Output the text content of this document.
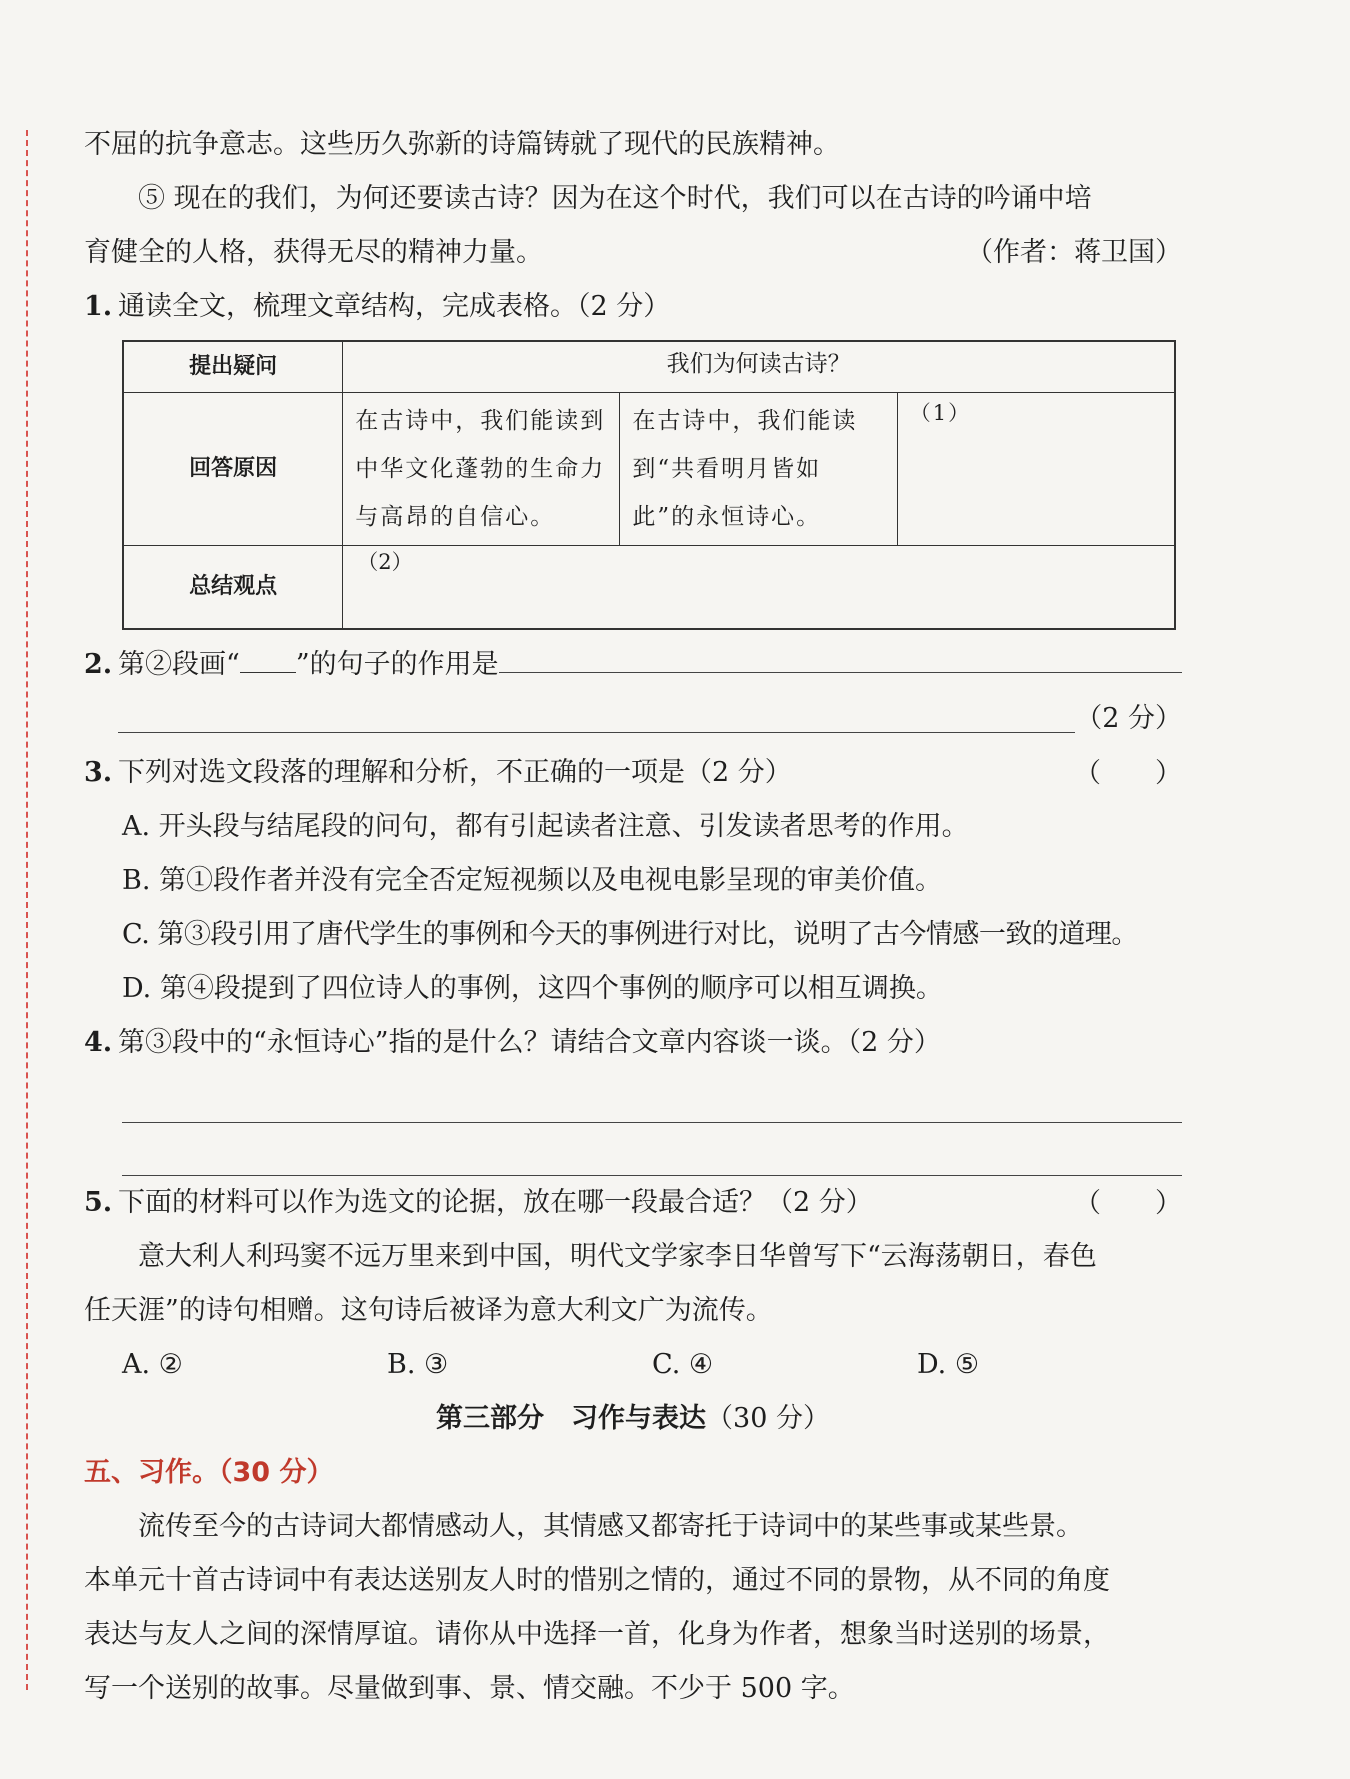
不屈的抗争意志。这些历久弥新的诗篇铸就了现代的民族精神。

⑤ 现在的我们，为何还要读古诗？因为在这个时代，我们可以在古诗的吟诵中培

育健全的人格，获得无尽的精神力量。	（作者：蒋卫国）
1. 通读全文，梳理文章结构，完成表格。（2 分）
提出疑问	我们为何读古诗？		
回答原因	在古诗中，我们能读到中华文化蓬勃的生命力与高昂的自信心。	在古诗中，我们能读到“共看明月皆如此”的永恒诗心。	（1）
总结观点	（2）		
2. 第②段画“ ”的句子的作用是
（2 分）
3. 下列对选文段落的理解和分析，不正确的一项是（2 分）	（　　）

A. 开头段与结尾段的问句，都有引起读者注意、引发读者思考的作用。

B. 第①段作者并没有完全否定短视频以及电视电影呈现的审美价值。

C. 第③段引用了唐代学生的事例和今天的事例进行对比，说明了古今情感一致的道理。

D. 第④段提到了四位诗人的事例，这四个事例的顺序可以相互调换。

4. 第③段中的“永恒诗心”指的是什么？请结合文章内容谈一谈。（2 分）
5. 下面的材料可以作为选文的论据，放在哪一段最合适？（2 分）	（　　）

意大利人利玛窦不远万里来到中国，明代文学家李日华曾写下“云海荡朝日，春色

任天涯”的诗句相赠。这句诗后被译为意大利文广为流传。

A. ②	B. ③	C. ④	D. ⑤

第三部分　习作与表达（30 分）

五、习作。（30 分）

流传至今的古诗词大都情感动人，其情感又都寄托于诗词中的某些事或某些景。

本单元十首古诗词中有表达送别友人时的惜别之情的，通过不同的景物，从不同的角度

表达与友人之间的深情厚谊。请你从中选择一首，化身为作者，想象当时送别的场景，

写一个送别的故事。尽量做到事、景、情交融。不少于 500 字。
